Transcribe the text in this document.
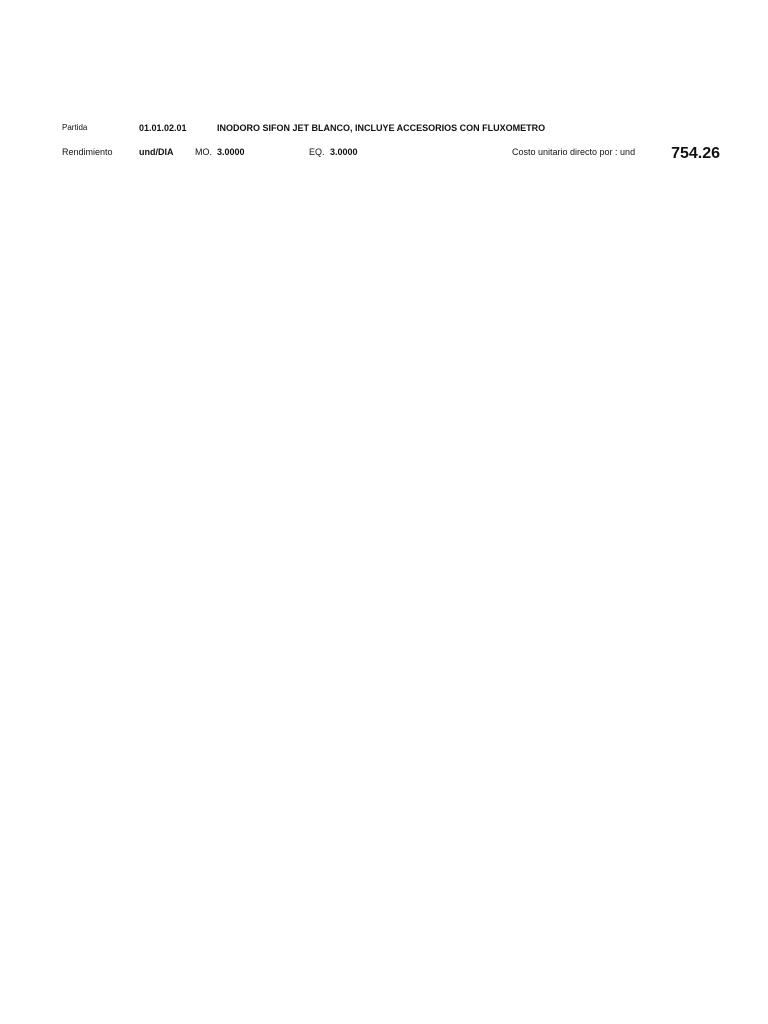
Partida	01.01.02.01	INODORO SIFON JET BLANCO, INCLUYE ACCESORIOS CON FLUXOMETRO
Rendimiento	und/DIA MO. 3.0000	EQ. 3.0000	Costo unitario directo por : und	754.26
